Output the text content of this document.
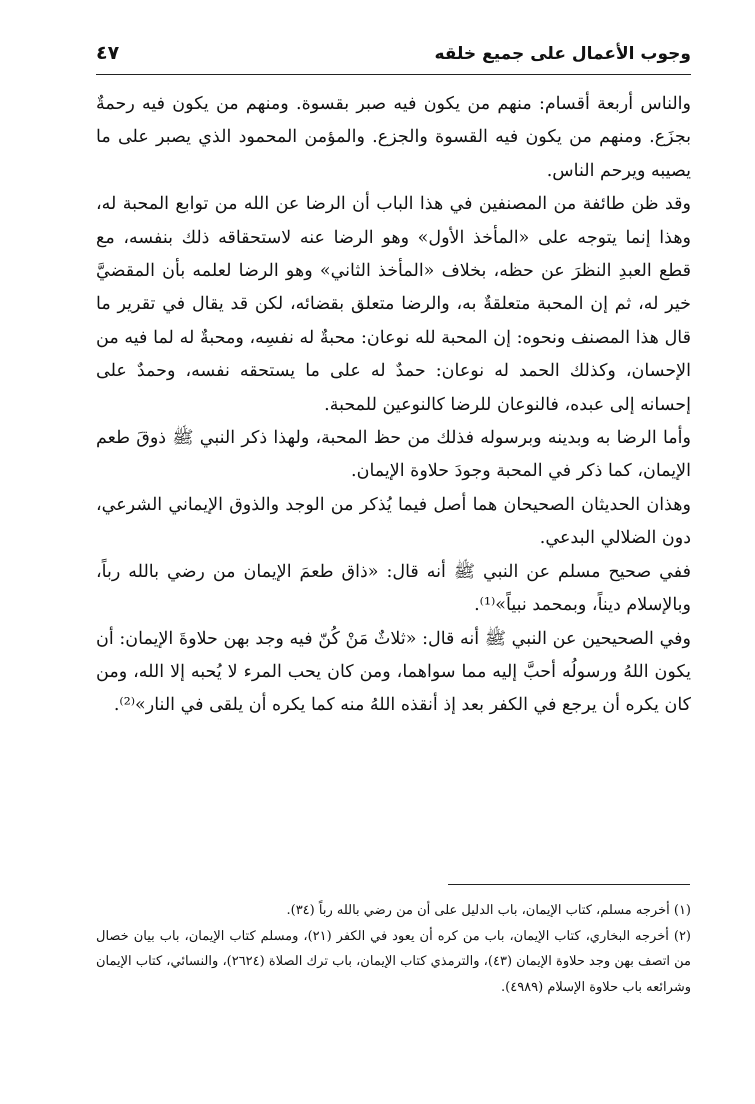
وجوب الأعمال على جميع خلقه
٤٧

والناس أربعة أقسام: منهم من يكون فيه صبر بقسوة. ومنهم من يكون فيه رحمةٌ بجزَع. ومنهم من يكون فيه القسوة والجزع. والمؤمن المحمود الذي يصبر على ما يصيبه ويرحم الناس.

وقد ظن طائفة من المصنفين في هذا الباب أن الرضا عن الله من توابع المحبة له، وهذا إنما يتوجه على «المأخذ الأول» وهو الرضا عنه لاستحقاقه ذلك بنفسه، مع قطع العبدِ النظرَ عن حظه، بخلاف «المأخذ الثاني» وهو الرضا لعلمه بأن المقضيَّ خير له، ثم إن المحبة متعلقةٌ به، والرضا متعلق بقضائه، لكن قد يقال في تقرير ما قال هذا المصنف ونحوه: إن المحبة لله نوعان: محبةٌ له نفسِه، ومحبةٌ له لما فيه من الإحسان، وكذلك الحمد له نوعان: حمدٌ له على ما يستحقه نفسه، وحمدٌ على إحسانه إلى عبده، فالنوعان للرضا كالنوعين للمحبة.

وأما الرضا به وبدينه وبرسوله فذلك من حظ المحبة، ولهذا ذكر النبي ﷺ ذوقَ طعم الإيمان، كما ذكر في المحبة وجودَ حلاوة الإيمان.

وهذان الحديثان الصحيحان هما أصل فيما يُذكر من الوجد والذوق الإيماني الشرعي، دون الضلالي البدعي.

ففي صحيح مسلم عن النبي ﷺ أنه قال: «ذاق طعمَ الإيمان من رضي بالله رباً، وبالإسلام ديناً، وبمحمد نبياً»⁽¹⁾.

وفي الصحيحين عن النبي ﷺ أنه قال: «ثلاثٌ مَنْ كُنّ فيه وجد بهن حلاوةَ الإيمان: أن يكون اللهُ ورسولُه أحبَّ إليه مما سواهما، ومن كان يحب المرء لا يُحبه إلا الله، ومن كان يكره أن يرجع في الكفر بعد إذ أنقذه اللهُ منه كما يكره أن يلقى في النار»⁽²⁾.

(١) أخرجه مسلم، كتاب الإيمان، باب الدليل على أن من رضي بالله رباً (٣٤).

(٢) أخرجه البخاري، كتاب الإيمان، باب من كره أن يعود في الكفر (٢١)، ومسلم كتاب الإيمان، باب بيان خصال من اتصف بهن وجد حلاوة الإيمان (٤٣)، والترمذي كتاب الإيمان، باب ترك الصلاة (٢٦٢٤)، والنسائي، كتاب الإيمان وشرائعه باب حلاوة الإسلام (٤٩٨٩).
